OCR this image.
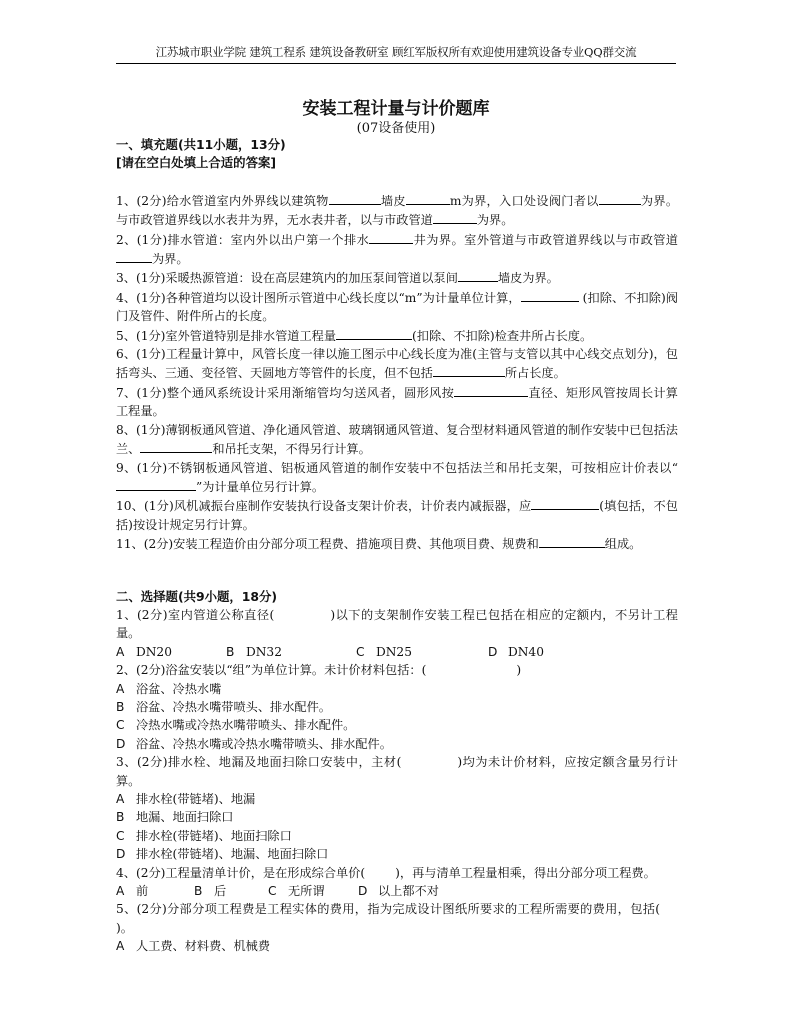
江苏城市职业学院 建筑工程系 建筑设备教研室 顾红军版权所有欢迎使用建筑设备专业QQ群交流
安装工程计量与计价题库
(07设备使用)
一、填充题(共11小题，13分)
[请在空白处填上合适的答案]
1、(2分)给水管道室内外界线以建筑物	墙皮	m为界，入口处设阀门者以	为界。与市政管道界线以水表井为界，无水表井者，以与市政管道	为界。
2、(1分)排水管道：室内外以出户第一个排水	井为界。室外管道与市政管道界线以与市政管道为界。
3、(1分)采暖热源管道：设在高层建筑内的加压泵间管道以泵间	墙皮为界。
4、(1分)各种管道均以设计图所示管道中心线长度以“m”为计量单位计算，	(扣除、不扣除)阀门及管件、附件所占的长度。
5、(1分)室外管道特别是排水管道工程量	(扣除、不扣除)检查井所占长度。
6、(1分)工程量计算中，风管长度一律以施工图示中心线长度为准(主管与支管以其中心线交点划分)，包括弯头、三通、变径管、天圆地方等管件的长度，但不包括	所占长度。
7、(1分)整个通风系统设计采用渐缩管均匀送风者，圆形风按	直径、矩形风管按周长计算工程量。
8、(1分)薄钢板通风管道、净化通风管道、玻璃钢通风管道、复合型材料通风管道的制作安装中已包括法兰、	和吊托支架，不得另行计算。
9、(1分)不锈钢板通风管道、铝板通风管道的制作安装中不包括法兰和吊托支架，可按相应计价表以“”为计量单位另行计算。
10、(1分)风机减振台座制作安装执行设备支架计价表，计价表内减振器，应	(填包括，不包括)按设计规定另行计算。
11、(2分)安装工程造价由分部分项工程费、措施项目费、其他项目费、规费和	组成。
二、选择题(共9小题，18分)
1、(2分)室内管道公称直径(	)以下的支架制作安装工程已包括在相应的定额内，不另计工程量。
A DN20	B DN32	C DN25	D DN40
2、(2分)浴盆安装以“组”为单位计算。未计价材料包括：(	)
A 浴盆、冷热水嘴
B 浴盆、冷热水嘴带喷头、排水配件。
C 冷热水嘴或冷热水嘴带喷头、排水配件。
D 浴盆、冷热水嘴或冷热水嘴带喷头、排水配件。
3、(2分)排水栓、地漏及地面扫除口安装中，主材(	)均为未计价材料，应按定额含量另行计算。
A 排水栓(带链堵)、地漏
B 地漏、地面扫除口
C 排水栓(带链堵)、地面扫除口
D 排水栓(带链堵)、地漏、地面扫除口
4、(2分)工程量清单计价，是在形成综合单价( )，再与清单工程量相乘，得出分部分项工程费。
A 前	B 后	C 无所谓	D 以上都不对
5、(2分)分部分项工程费是工程实体的费用，指为完成设计图纸所要求的工程所需要的费用，包括()。
A 人工费、材料费、机械费
